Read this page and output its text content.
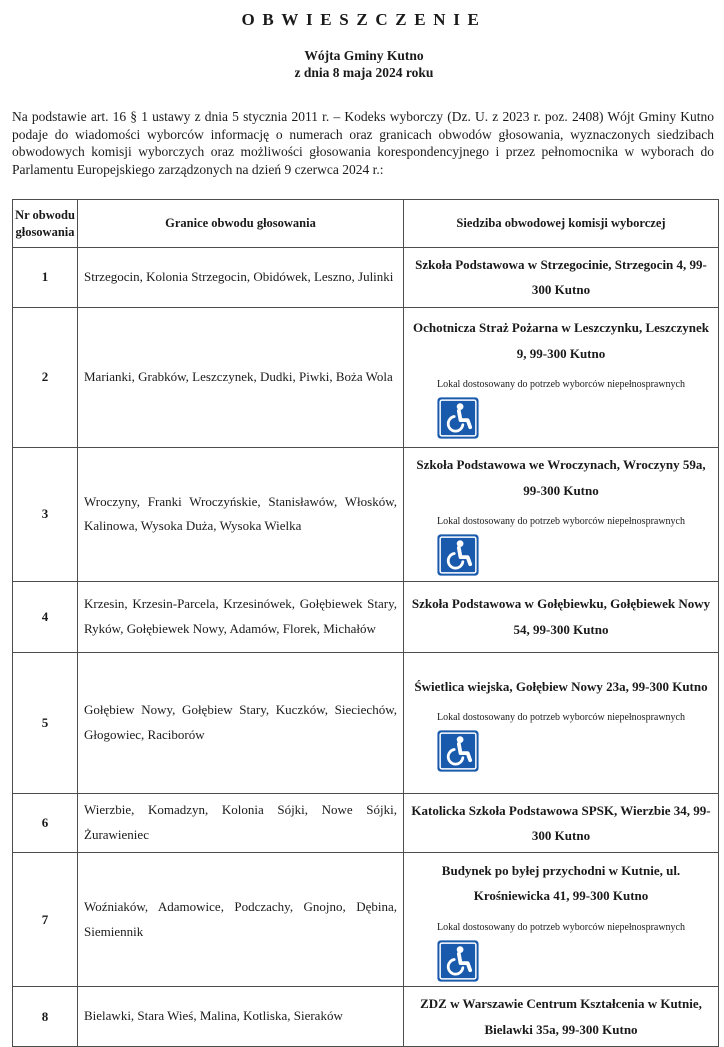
OBWIESZCZENIE
Wójta Gminy Kutno
z dnia 8 maja 2024 roku

Na podstawie art. 16 § 1 ustawy z dnia 5 stycznia 2011 r. – Kodeks wyborczy (Dz. U. z 2023 r. poz. 2408) Wójt Gminy Kutno podaje do wiadomości wyborców informację o numerach oraz granicach obwodów głosowania, wyznaczonych siedzibach obwodowych komisji wyborczych oraz możliwości głosowania korespondencyjnego i przez pełnomocnika w wyborach do Parlamentu Europejskiego zarządzonych na dzień 9 czerwca 2024 r.:

Nr obwodu głosowania	Granice obwodu głosowania	Siedziba obwodowej komisji wyborczej
1	Strzegocin, Kolonia Strzegocin, Obidówek, Leszno, Julinki	Szkoła Podstawowa w Strzegocinie, Strzegocin 4, 99-300 Kutno

2	Marianki, Grabków, Leszczynek, Dudki, Piwki, Boża Wola	Ochotnicza Straż Pożarna w Leszczynku, Leszczynek 9, 99-300 Kutno
Lokal dostosowany do potrzeb wyborców niepełnosprawnych

3	Wroczyny, Franki Wroczyńskie, Stanisławów, Włosków, Kalinowa, Wysoka Duża, Wysoka Wielka	Szkoła Podstawowa we Wroczynach, Wroczyny 59a, 99-300 Kutno
Lokal dostosowany do potrzeb wyborców niepełnosprawnych

4	Krzesin, Krzesin-Parcela, Krzesinówek, Gołębiewek Stary, Ryków, Gołębiewek Nowy, Adamów, Florek, Michałów	Szkoła Podstawowa w Gołębiewku, Gołębiewek Nowy 54, 99-300 Kutno

5	Gołębiew Nowy, Gołębiew Stary, Kuczków, Sieciechów, Głogowiec, Raciborów	Świetlica wiejska, Gołębiew Nowy 23a, 99-300 Kutno
Lokal dostosowany do potrzeb wyborców niepełnosprawnych

6	Wierzbie, Komadzyn, Kolonia Sójki, Nowe Sójki, Żurawieniec	Katolicka Szkoła Podstawowa SPSK, Wierzbie 34, 99-300 Kutno

7	Woźniaków, Adamowice, Podczachy, Gnojno, Dębina, Siemiennik	Budynek po byłej przychodni w Kutnie, ul. Krośniewicka 41, 99-300 Kutno
Lokal dostosowany do potrzeb wyborców niepełnosprawnych

8	Bielawki, Stara Wieś, Malina, Kotliska, Sieraków	ZDZ w Warszawie Centrum Kształcenia w Kutnie, Bielawki 35a, 99-300 Kutno
